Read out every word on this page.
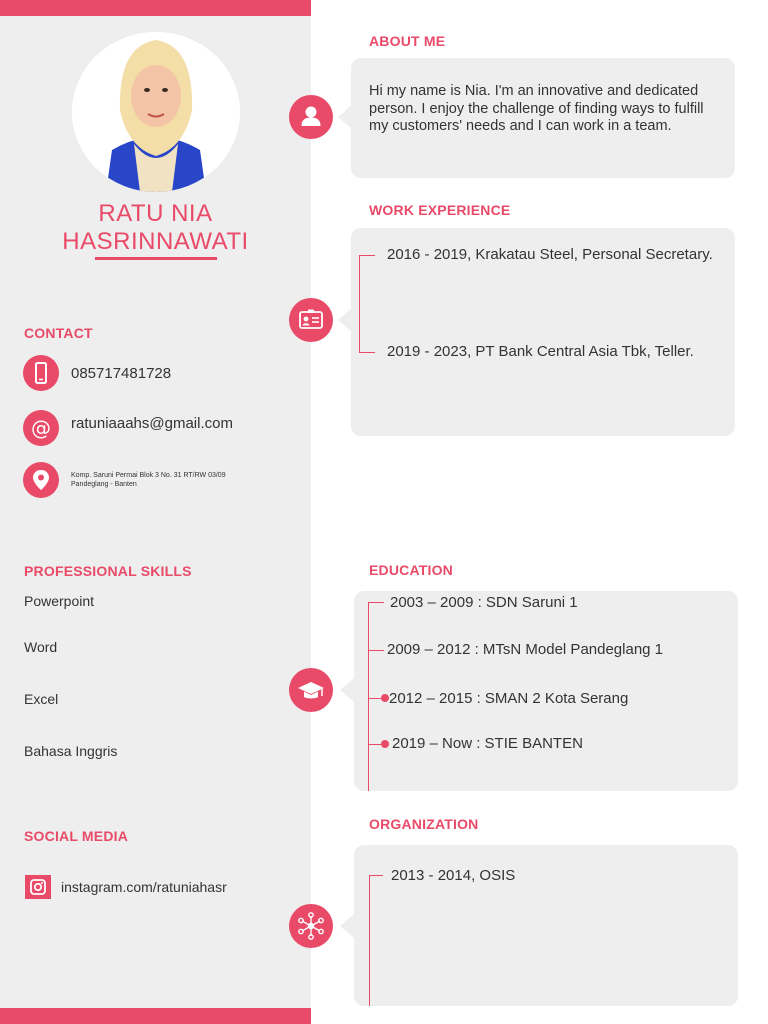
RATU NIA
HASRINNAWATI
CONTACT
085717481728
@ ratuniaaahs@gmail.com
Komp. Saruni Permai Blok 3 No. 31 RT/RW 03/09
Pandeglang - Banten
PROFESSIONAL SKILLS
Powerpoint
Word
Excel
Bahasa Inggris
SOCIAL MEDIA
instagram.com/ratuniahasr
ABOUT ME
Hi my name is Nia. I'm an innovative and dedicated person. I enjoy the challenge of finding ways to fulfill my customers' needs and I can work in a team.
WORK EXPERIENCE
2016 - 2019, Krakatau Steel, Personal Secretary.
2019 - 2023, PT Bank Central Asia Tbk, Teller.
EDUCATION
2003 – 2009 : SDN Saruni 1
2009 – 2012 : MTsN Model Pandeglang 1
2012 – 2015 : SMAN 2 Kota Serang
2019 – Now : STIE BANTEN
ORGANIZATION
2013 - 2014, OSIS
